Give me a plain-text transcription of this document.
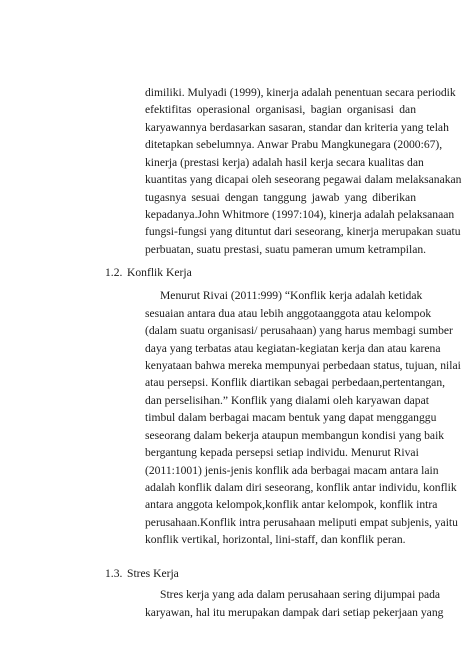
dimiliki. Mulyadi (1999), kinerja adalah penentuan secara periodik
efektifitas operasional organisasi, bagian organisasi dan
karyawannya berdasarkan sasaran, standar dan kriteria yang telah
ditetapkan sebelumnya. Anwar Prabu Mangkunegara (2000:67),
kinerja (prestasi kerja) adalah hasil kerja secara kualitas dan
kuantitas yang dicapai oleh seseorang pegawai dalam melaksanakan
tugasnya sesuai dengan tanggung jawab yang diberikan
kepadanya.John Whitmore (1997:104), kinerja adalah pelaksanaan
fungsi-fungsi yang dituntut dari seseorang, kinerja merupakan suatu
perbuatan, suatu prestasi, suatu pameran umum ketrampilan.
1.2. Konflik Kerja
Menurut Rivai (2011:999) “Konflik kerja adalah ketidak
sesuaian antara dua atau lebih anggotaanggota atau kelompok
(dalam suatu organisasi/ perusahaan) yang harus membagi sumber
daya yang terbatas atau kegiatan-kegiatan kerja dan atau karena
kenyataan bahwa mereka mempunyai perbedaan status, tujuan, nilai
atau persepsi. Konflik diartikan sebagai perbedaan,pertentangan,
dan perselisihan.” Konflik yang dialami oleh karyawan dapat
timbul dalam berbagai macam bentuk yang dapat mengganggu
seseorang dalam bekerja ataupun membangun kondisi yang baik
bergantung kepada persepsi setiap individu. Menurut Rivai
(2011:1001) jenis-jenis konflik ada berbagai macam antara lain
adalah konflik dalam diri seseorang, konflik antar individu, konflik
antara anggota kelompok,konflik antar kelompok, konflik intra
perusahaan.Konflik intra perusahaan meliputi empat subjenis, yaitu
konflik vertikal, horizontal, lini-staff, dan konflik peran.
1.3. Stres Kerja
Stres kerja yang ada dalam perusahaan sering dijumpai pada
karyawan, hal itu merupakan dampak dari setiap pekerjaan yang
